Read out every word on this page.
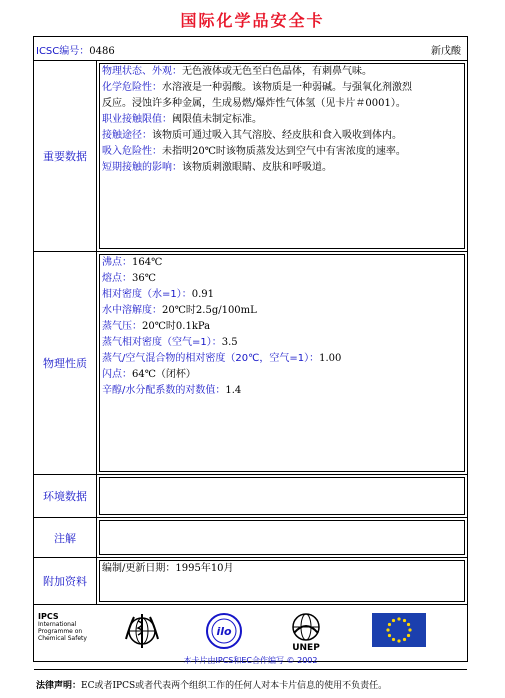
国际化学品安全卡
ICSC编号：0486	新戊酸
重要数据
物理状态、外观：无色液体或无色至白色晶体，有刺鼻气味。
化学危险性：水溶液是一种弱酸。该物质是一种弱碱。与强氧化剂激烈
反应。浸蚀许多种金属，生成易燃/爆炸性气体氢（见卡片＃0001）。
职业接触限值：阈限值未制定标准。
接触途径：该物质可通过吸入其气溶胶、经皮肤和食入吸收到体内。
吸入危险性：未指明20℃时该物质蒸发达到空气中有害浓度的速率。
短期接触的影响：该物质刺激眼睛、皮肤和呼吸道。
物理性质
沸点：164℃
熔点：36℃
相对密度（水=1）：0.91
水中溶解度：20℃时2.5g/100mL
蒸气压：20℃时0.1kPa
蒸气相对密度（空气=1）：3.5
蒸气/空气混合物的相对密度（20℃，空气=1）：1.00
闪点：64℃（闭杯）
辛醇/水分配系数的对数值：1.4
环境数据
注解
附加资料
编制/更新日期：1995年10月
IPCS
International
Programme on
Chemical Safety
ilo
UNEP
本卡片由IPCS和EC合作编写 © 2002
法律声明：EC或者IPCS或者代表两个组织工作的任何人对本卡片信息的使用不负责任。
